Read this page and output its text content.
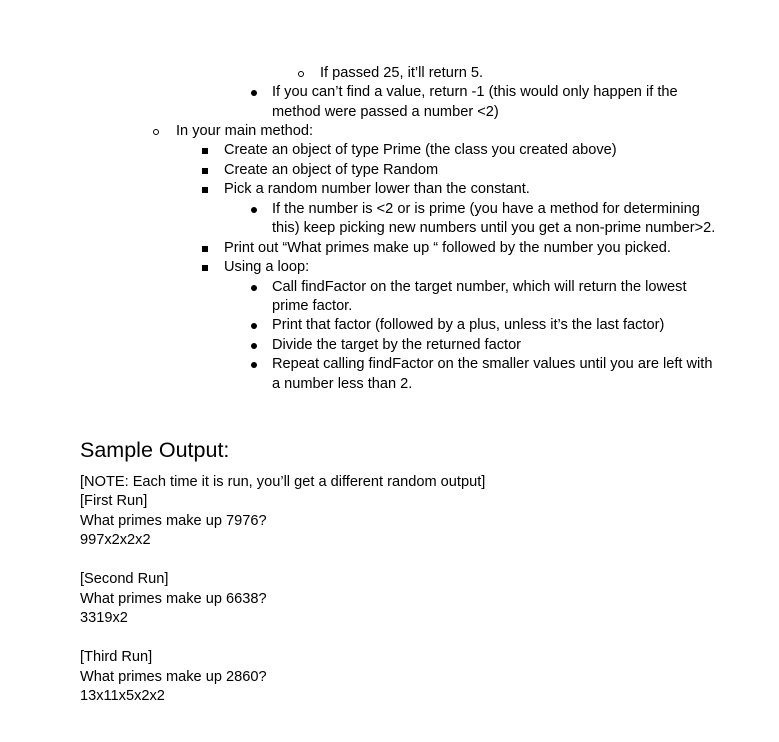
If passed 25, it’ll return 5.
If you can’t find a value, return -1 (this would only happen if the
method were passed a number <2)
In your main method:
Create an object of type Prime (the class you created above)
Create an object of type Random
Pick a random number lower than the constant.
If the number is <2 or is prime (you have a method for determining
this) keep picking new numbers until you get a non-prime number>2.
Print out “What primes make up “ followed by the number you picked.
Using a loop:
Call findFactor on the target number, which will return the lowest
prime factor.
Print that factor (followed by a plus, unless it’s the last factor)
Divide the target by the returned factor
Repeat calling findFactor on the smaller values until you are left with
a number less than 2.
Sample Output:
[NOTE: Each time it is run, you’ll get a different random output]
[First Run]
What primes make up 7976?
997x2x2x2
[Second Run]
What primes make up 6638?
3319x2
[Third Run]
What primes make up 2860?
13x11x5x2x2
